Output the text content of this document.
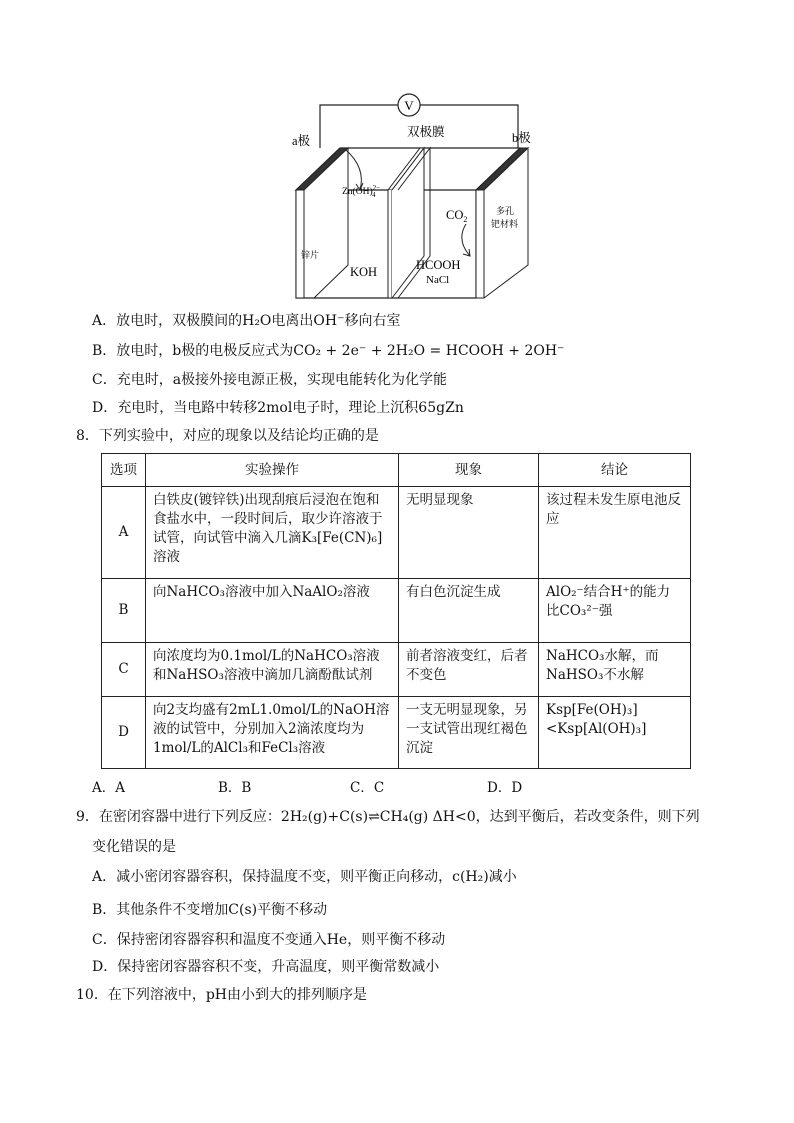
V
a极	b极
双极膜
锌片
多孔
钯材料
Zn(OH)$^{2-}$ 4
$CO_2$
KOH	HCOOH
NaCl
A．放电时，双极膜间的H₂O电离出OH⁻移向右室
B．放电时，b极的电极反应式为CO₂ + 2e⁻ + 2H₂O = HCOOH + 2OH⁻
C．充电时，a极接外接电源正极，实现电能转化为化学能
D．充电时，当电路中转移2mol电子时，理论上沉积65gZn
8．下列实验中，对应的现象以及结论均正确的是
选项	实验操作	现象	结论
A	白铁皮(镀锌铁)出现刮痕后浸泡在饱和食盐水中，一段时间后，取少许溶液于试管，向试管中滴入几滴K₃[Fe(CN)₆]溶液	无明显现象	该过程未发生原电池反应
B	向NaHCO₃溶液中加入NaAlO₂溶液	有白色沉淀生成	AlO₂⁻结合H⁺的能力比CO₃²⁻强
C	向浓度均为0.1mol/L的NaHCO₃溶液和NaHSO₃溶液中滴加几滴酚酞试剂	前者溶液变红，后者不变色	NaHCO₃水解，而NaHSO₃不水解
D	向2支均盛有2mL1.0mol/L的NaOH溶液的试管中，分别加入2滴浓度均为1mol/L的AlCl₃和FeCl₃溶液	一支无明显现象，另一支试管出现红褐色沉淀	Ksp[Fe(OH)₃]<Ksp[Al(OH)₃]
A．A	B．B	C．C	D．D
9．在密闭容器中进行下列反应：2H₂(g)+C(s)⇌CH₄(g) ΔH<0，达到平衡后，若改变条件，则下列
变化错误的是
A．减小密闭容器容积，保持温度不变，则平衡正向移动，c(H₂)减小
B．其他条件不变增加C(s)平衡不移动
C．保持密闭容器容积和温度不变通入He，则平衡不移动
D．保持密闭容器容积不变，升高温度，则平衡常数减小
10．在下列溶液中，pH由小到大的排列顺序是
